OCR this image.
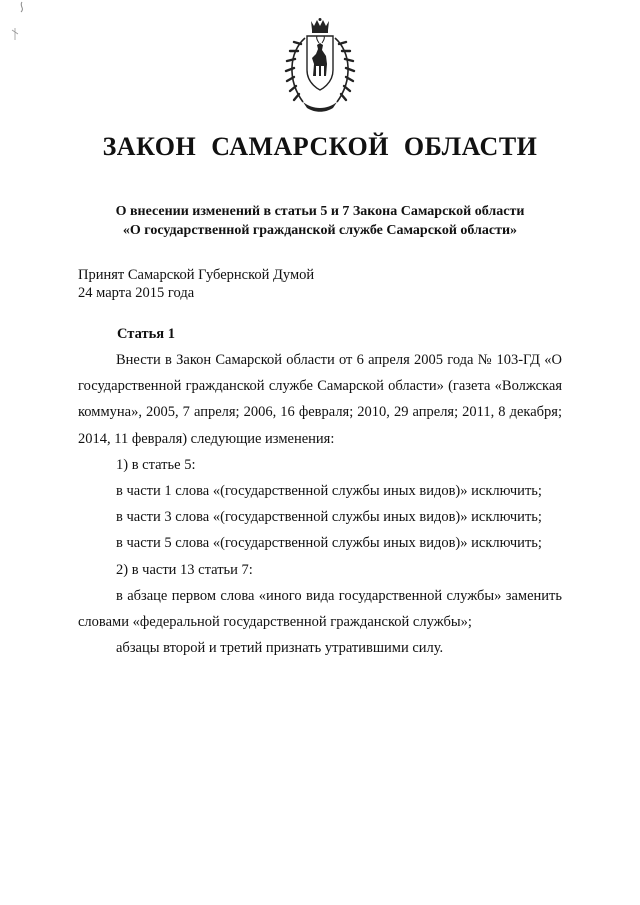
ЗАКОН САМАРСКОЙ ОБЛАСТИ
О внесении изменений в статьи 5 и 7 Закона Самарской области
«О государственной гражданской службе Самарской области»
Принят Самарской Губернской Думой
24 марта 2015 года
Статья 1

Внести в Закон Самарской области от 6 апреля 2005 года № 103-ГД «О государственной гражданской службе Самарской области» (газета «Волжская коммуна», 2005, 7 апреля; 2006, 16 февраля; 2010, 29 апреля; 2011, 8 декабря; 2014, 11 февраля) следующие изменения:

1) в статье 5:

в части 1 слова «(государственной службы иных видов)» исключить;

в части 3 слова «(государственной службы иных видов)» исключить;

в части 5 слова «(государственной службы иных видов)» исключить;

2) в части 13 статьи 7:

в абзаце первом слова «иного вида государственной службы» заменить словами «федеральной государственной гражданской службы»;

абзацы второй и третий признать утратившими силу.
